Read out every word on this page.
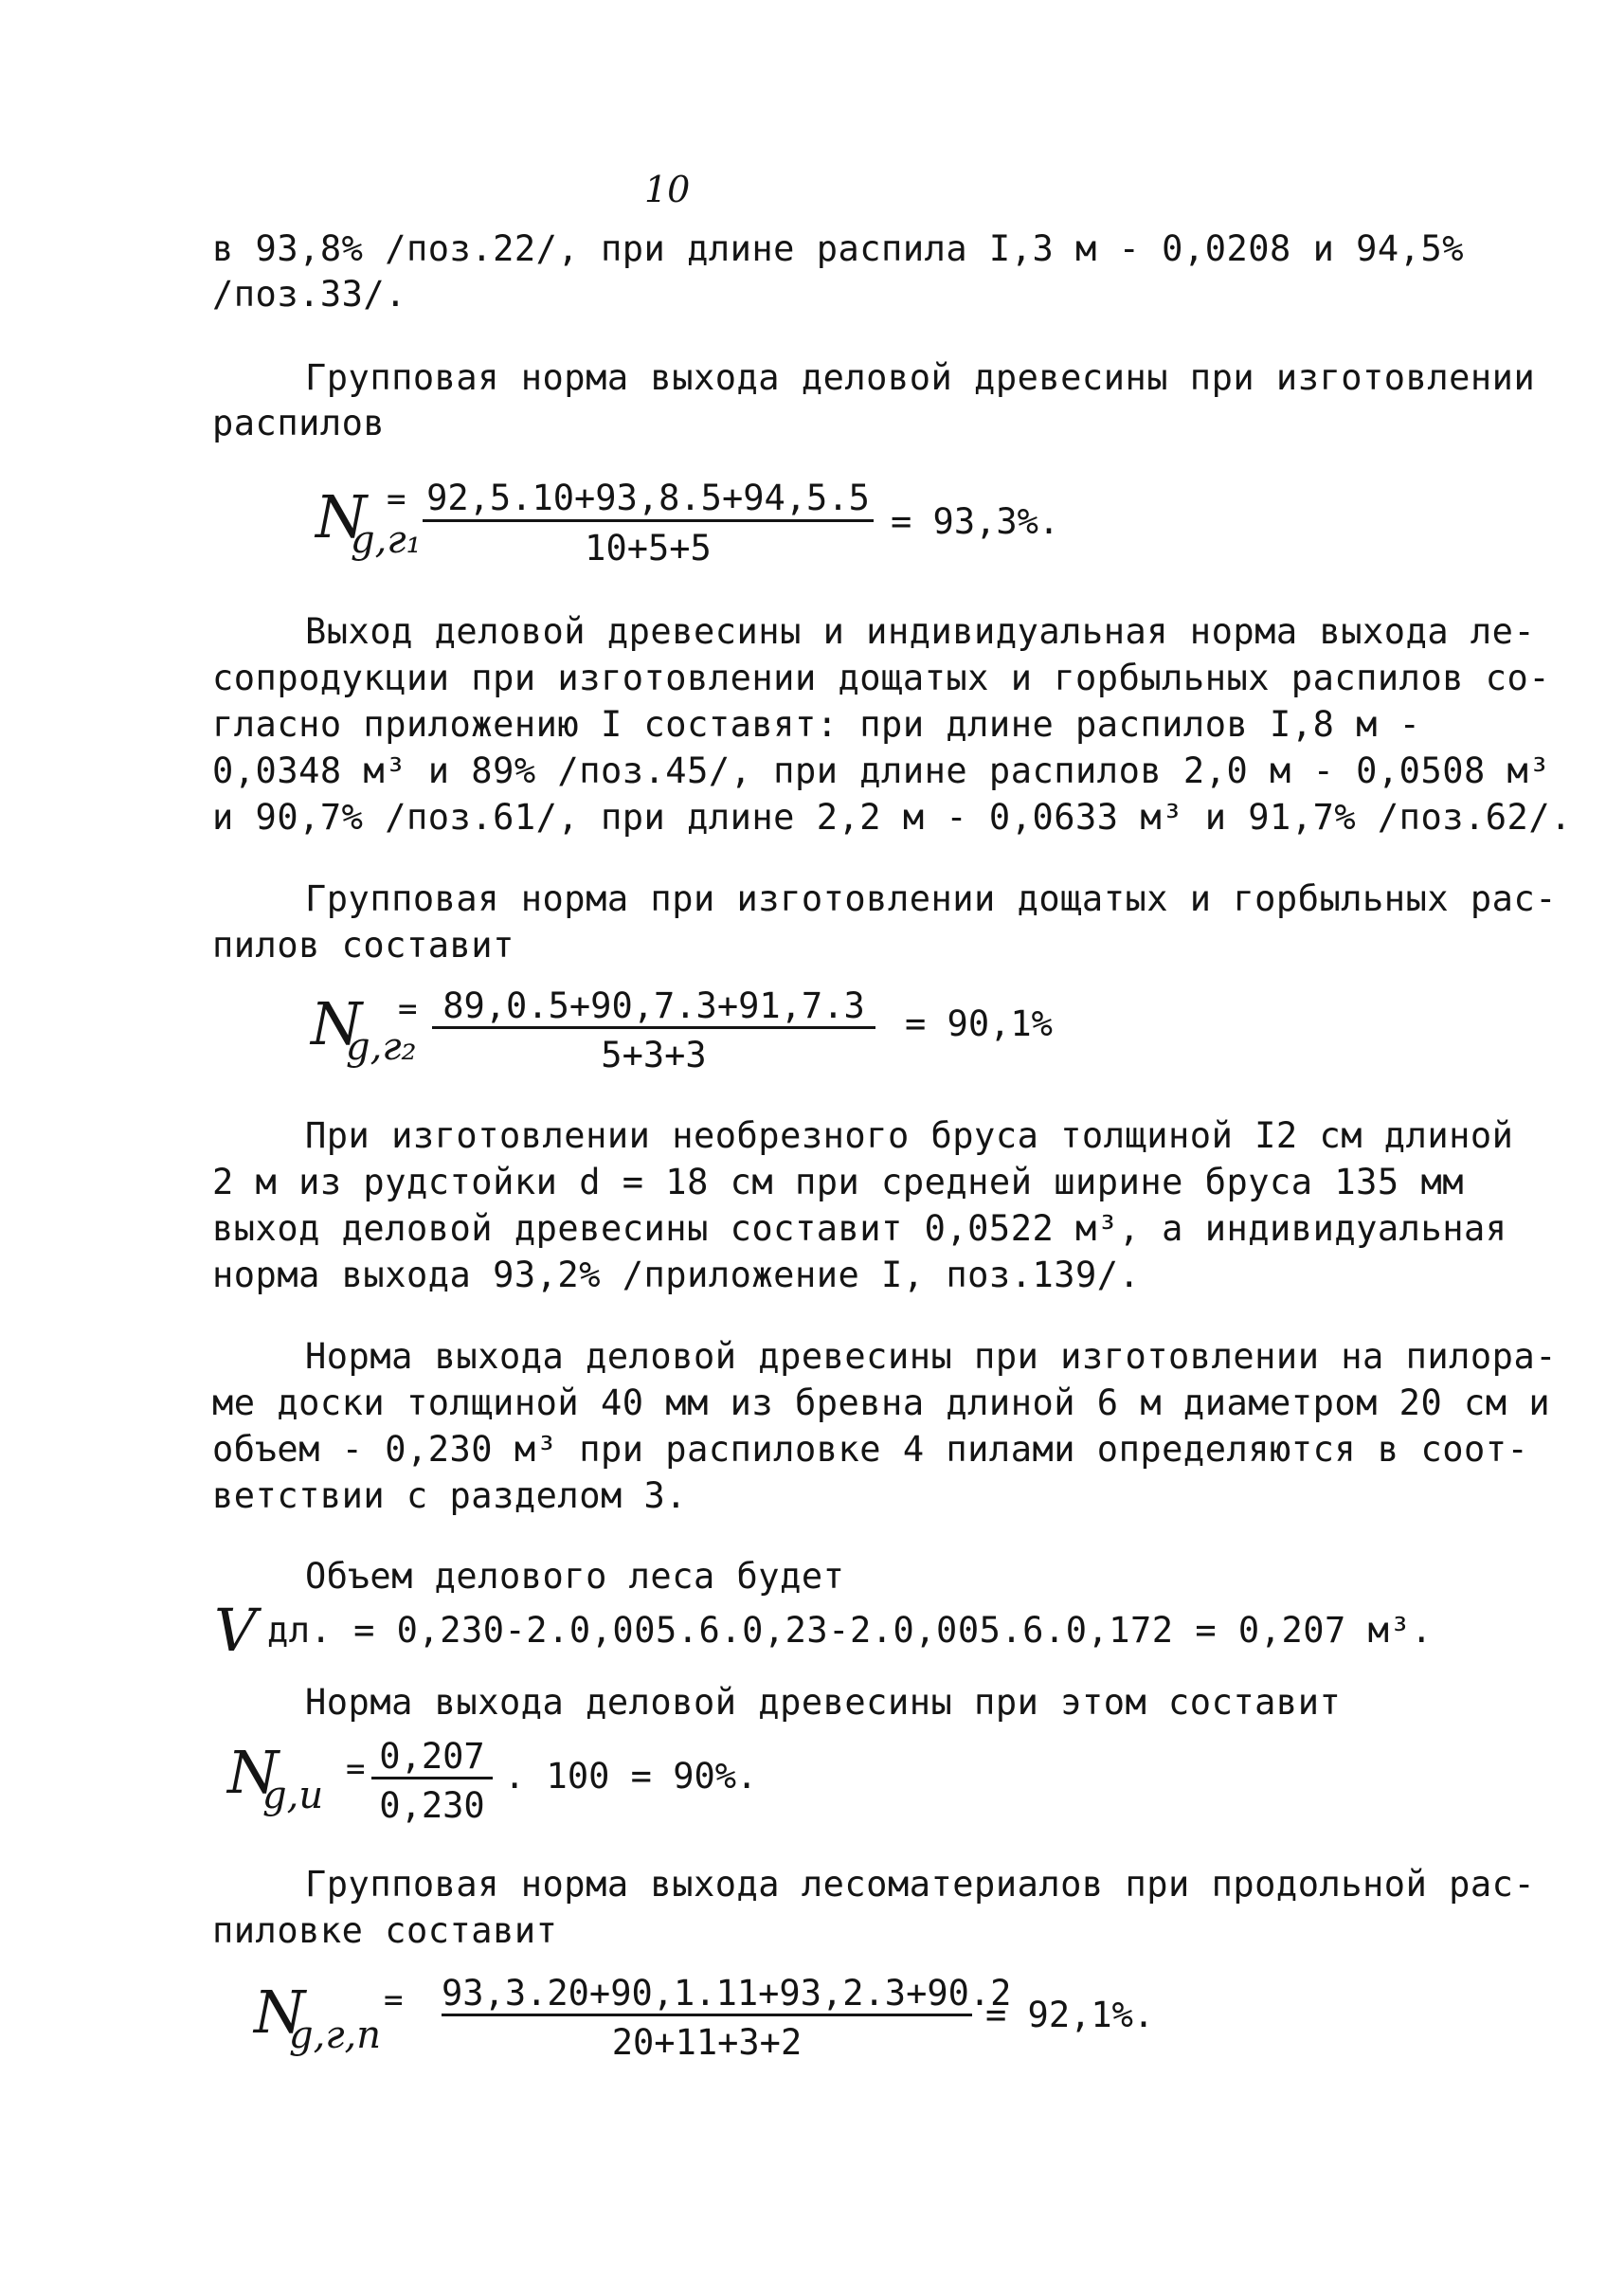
10
в 93,8% /поз.22/, при длине распила I,3 м - 0,0208 и 94,5%
/поз.33/.
Групповая норма выхода деловой древесины при изготовлении
распилов
N
g,г₁
= 92,5.10+93,8.5+94,5.5
10+5+5
= 93,3%.
Выход деловой древесины и индивидуальная норма выхода ле-
сопродукции при изготовлении дощатых и горбыльных распилов со-
гласно приложению I составят: при длине распилов I,8 м -
0,0348 м³ и 89% /поз.45/, при длине распилов 2,0 м - 0,0508 м³
и 90,7% /поз.61/, при длине 2,2 м - 0,0633 м³ и 91,7% /поз.62/.
Групповая норма при изготовлении дощатых и горбыльных рас-
пилов составит
N
g,г₂
= 89,0.5+90,7.3+91,7.3
5+3+3
= 90,1%
При изготовлении необрезного бруса толщиной I2 см длиной
2 м из рудстойки d = 18 см при средней ширине бруса 135 мм
выход деловой древесины составит 0,0522 м³, а индивидуальная
норма выхода 93,2% /приложение I, поз.139/.
Норма выхода деловой древесины при изготовлении на пилора-
ме доски толщиной 40 мм из бревна длиной 6 м диаметром 20 см и
объем - 0,230 м³ при распиловке 4 пилами определяются в соот-
ветствии с разделом 3.
Объем делового леса будет
V дл. = 0,230-2.0,005.6.0,23-2.0,005.6.0,172 = 0,207 м³.
Норма выхода деловой древесины при этом составит
N
g,и
= 0,207
0,230
. 100 = 90%.
Групповая норма выхода лесоматериалов при продольной рас-
пиловке составит
N
g,г,п
= 93,3.20+90,1.11+93,2.3+90.2
20+11+3+2
= 92,1%.
